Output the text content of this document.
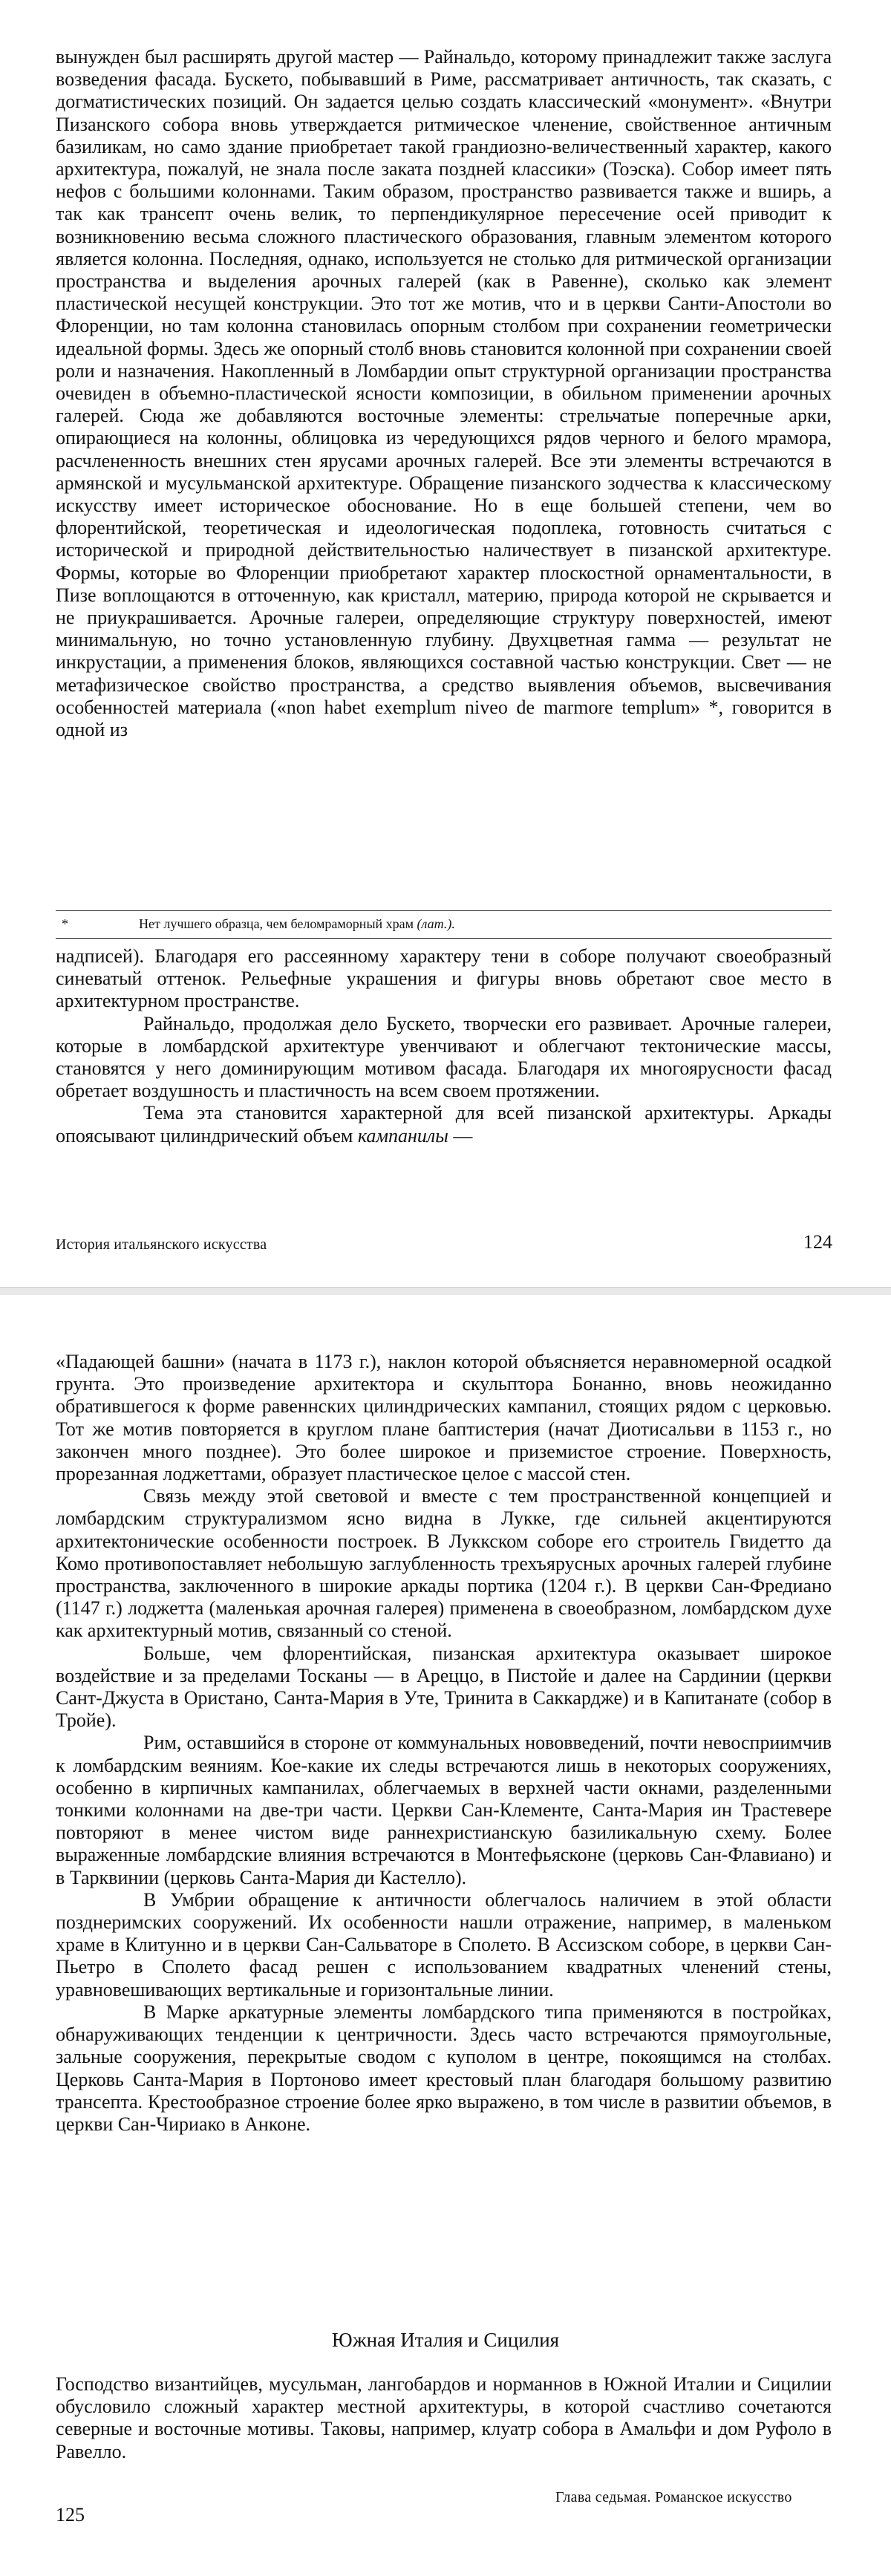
вынужден был расширять другой мастер — Райнальдо, которому принадлежит также заслуга возведения фасада. Бускето, побывавший в Риме, рассматривает античность, так сказать, с догматистических позиций. Он задается целью создать классический «монумент». «Внутри Пизанского собора вновь утверждается ритмическое членение, свойственное античным базиликам, но само здание приобретает такой грандиозно-величественный характер, какого архитектура, пожалуй, не знала после заката поздней классики» (Тоэска). Собор имеет пять нефов с большими колоннами. Таким образом, пространство развивается также и вширь, а так как трансепт очень велик, то перпендикулярное пересечение осей приводит к возникновению весьма сложного пластического образования, главным элементом которого является колонна. Последняя, однако, используется не столько для ритмической организации пространства и выделения арочных галерей (как в Равенне), сколько как элемент пластической несущей конструкции. Это тот же мотив, что и в церкви Санти-Апостоли во Флоренции, но там колонна становилась опорным столбом при сохранении геометрически идеальной формы. Здесь же опорный столб вновь становится колонной при сохранении своей роли и назначения. Накопленный в Ломбардии опыт структурной организации пространства очевиден в объемно-пластической ясности композиции, в обильном применении арочных галерей. Сюда же добавляются восточные элементы: стрельчатые поперечные арки, опирающиеся на колонны, облицовка из чередующихся рядов черного и белого мрамора, расчлененность внешних стен ярусами арочных галерей. Все эти элементы встречаются в армянской и мусульманской архитектуре. Обращение пизанского зодчества к классическому искусству имеет историческое обоснование. Но в еще большей степени, чем во флорентийской, теоретическая и идеологическая подоплека, готовность считаться с исторической и природной действительностью наличествует в пизанской архитектуре. Формы, которые во Флоренции приобретают характер плоскостной орнаментальности, в Пизе воплощаются в отточенную, как кристалл, материю, природа которой не скрывается и не приукрашивается. Арочные галереи, определяющие структуру поверхностей, имеют минимальную, но точно установленную глубину. Двухцветная гамма — результат не инкрустации, а применения блоков, являющихся составной частью конструкции. Свет — не метафизическое свойство пространства, а средство выявления объемов, высвечивания особенностей материала («non habet exemplum niveo de marmore templum» *, говорится в одной из

*	Нет лучшего образца, чем беломраморный храм (лат.).

надписей). Благодаря его рассеянному характеру тени в соборе получают своеобразный синеватый оттенок. Рельефные украшения и фигуры вновь обретают свое место в архитектурном пространстве.

Райнальдо, продолжая дело Бускето, творчески его развивает. Арочные галереи, которые в ломбардской архитектуре увенчивают и облегчают тектонические массы, становятся у него доминирующим мотивом фасада. Благодаря их многоярусности фасад обретает воздушность и пластичность на всем своем протяжении.

Тема эта становится характерной для всей пизанской архитектуры. Аркады опоясывают цилиндрический объем кампанилы —

История итальянского искусства	124

«Падающей башни» (начата в 1173 г.), наклон которой объясняется неравномерной осадкой грунта. Это произведение архитектора и скульптора Бонанно, вновь неожиданно обратившегося к форме равеннских цилиндрических кампанил, стоящих рядом с церковью. Тот же мотив повторяется в круглом плане баптистерия (начат Диотисальви в 1153 г., но закончен много позднее). Это более широкое и приземистое строение. Поверхность, прорезанная лоджеттами, образует пластическое целое с массой стен.

Связь между этой световой и вместе с тем пространственной концепцией и ломбардским структурализмом ясно видна в Лукке, где сильней акцентируются архитектонические особенности построек. В Луккском соборе его строитель Гвидетто да Комо противопоставляет небольшую заглубленность трехъярусных арочных галерей глубине пространства, заключенного в широкие аркады портика (1204 г.). В церкви Сан-Фредиано (1147 г.) лоджетта (маленькая арочная галерея) применена в своеобразном, ломбардском духе как архитектурный мотив, связанный со стеной.

Больше, чем флорентийская, пизанская архитектура оказывает широкое воздействие и за пределами Тосканы — в Ареццо, в Пистойе и далее на Сардинии (церкви Сант-Джуста в Ористано, Санта-Мария в Уте, Тринита в Саккардже) и в Капитанате (собор в Тройе).

Рим, оставшийся в стороне от коммунальных нововведений, почти невосприимчив к ломбардским веяниям. Кое-какие их следы встречаются лишь в некоторых сооружениях, особенно в кирпичных кампанилах, облегчаемых в верхней части окнами, разделенными тонкими колоннами на две-три части. Церкви Сан-Клементе, Санта-Мария ин Трастевере повторяют в менее чистом виде раннехристианскую базиликальную схему. Более выраженные ломбардские влияния встречаются в Монтефьясконе (церковь Сан-Флавиано) и в Тарквинии (церковь Санта-Мария ди Кастелло).

В Умбрии обращение к античности облегчалось наличием в этой области позднеримских сооружений. Их особенности нашли отражение, например, в маленьком храме в Клитунно и в церкви Сан-Сальваторе в Сполето. В Ассизском соборе, в церкви Сан-Пьетро в Сполето фасад решен с использованием квадратных членений стены, уравновешивающих вертикальные и горизонтальные линии.

В Марке аркатурные элементы ломбардского типа применяются в постройках, обнаруживающих тенденции к центричности. Здесь часто встречаются прямоугольные, зальные сооружения, перекрытые сводом с куполом в центре, покоящимся на столбах. Церковь Санта-Мария в Портоново имеет крестовый план благодаря большому развитию трансепта. Крестообразное строение более ярко выражено, в том числе в развитии объемов, в церкви Сан-Чириако в Анконе.

Южная Италия и Сицилия

Господство византийцев, мусульман, лангобардов и норманнов в Южной Италии и Сицилии обусловило сложный характер местной архитектуры, в которой счастливо сочетаются северные и восточные мотивы. Таковы, например, клуатр собора в Амальфи и дом Руфоло в Равелло.

125
Глава седьмая. Романское искусство
